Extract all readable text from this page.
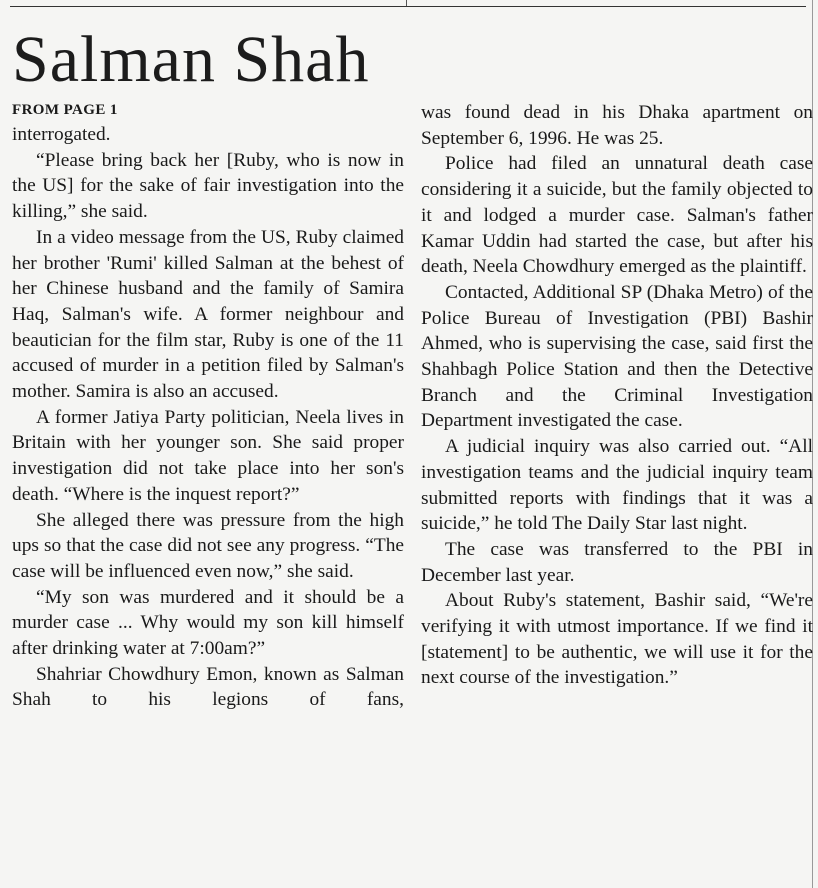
Salman Shah
FROM PAGE 1

interrogated.

“Please bring back her [Ruby, who is now in the US] for the sake of fair investigation into the killing,” she said.

In a video message from the US, Ruby claimed her brother 'Rumi' killed Salman at the behest of her Chinese husband and the family of Samira Haq, Salman's wife. A former neighbour and beautician for the film star, Ruby is one of the 11 accused of murder in a petition filed by Salman's mother. Samira is also an accused.

A former Jatiya Party politician, Neela lives in Britain with her younger son. She said proper investigation did not take place into her son's death. “Where is the inquest report?”

She alleged there was pressure from the high ups so that the case did not see any progress. “The case will be influenced even now,” she said.

“My son was murdered and it should be a murder case ... Why would my son kill himself after drinking water at 7:00am?”

Shahriar Chowdhury Emon, known as Salman Shah to his legions of fans,

was found dead in his Dhaka apartment on September 6, 1996. He was 25.

Police had filed an unnatural death case considering it a suicide, but the family objected to it and lodged a murder case. Salman's father Kamar Uddin had started the case, but after his death, Neela Chowdhury emerged as the plaintiff.

Contacted, Additional SP (Dhaka Metro) of the Police Bureau of Investigation (PBI) Bashir Ahmed, who is supervising the case, said first the Shahbagh Police Station and then the Detective Branch and the Criminal Investigation Department investigated the case.

A judicial inquiry was also carried out. “All investigation teams and the judicial inquiry team submitted reports with findings that it was a suicide,” he told The Daily Star last night.

The case was transferred to the PBI in December last year.

About Ruby's statement, Bashir said, “We're verifying it with utmost importance. If we find it [statement] to be authentic, we will use it for the next course of the investigation.”
